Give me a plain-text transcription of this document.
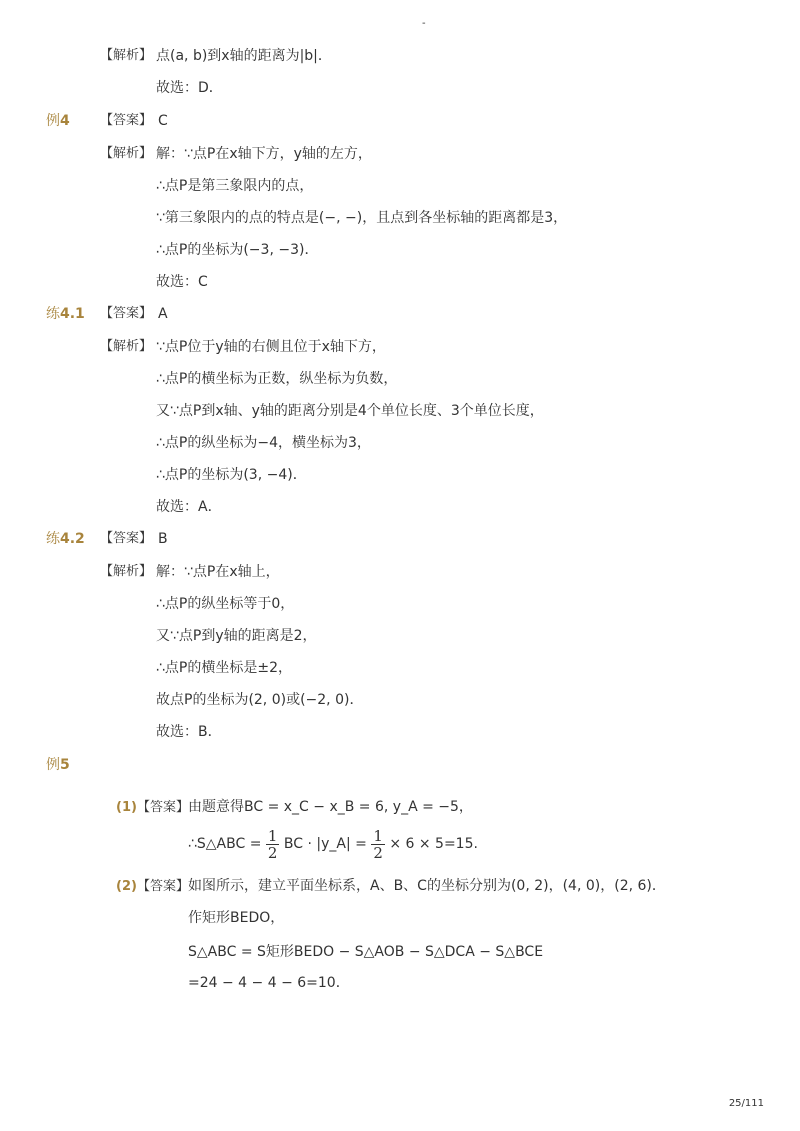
-
【解析】 点(a, b)到x轴的距离为|b|．
故选：D．
例4 【答案】 C
【解析】 解：∵点P在x轴下方，y轴的左方，
∴点P是第三象限内的点，
∵第三象限内的点的特点是(−, −)，且点到各坐标轴的距离都是3，
∴点P的坐标为(−3, −3)．
故选：C
练4.1 【答案】 A
【解析】 ∵点P位于y轴的右侧且位于x轴下方，
∴点P的横坐标为正数，纵坐标为负数，
又∵点P到x轴、y轴的距离分别是4个单位长度、3个单位长度，
∴点P的纵坐标为−4，横坐标为3，
∴点P的坐标为(3, −4)．
故选：A．
练4.2 【答案】 B
【解析】 解：∵点P在x轴上，
∴点P的纵坐标等于0，
又∵点P到y轴的距离是2，
∴点P的横坐标是±2，
故点P的坐标为(2, 0)或(−2, 0)．
故选：B．
例5
(1)【答案】 由题意得BC = x_C − x_B = 6, y_A = −5，
∴S△ABC = $\frac{1}{2}$ BC · |y_A| = $\frac{1}{2} \times 6 \times 5=15$.
(2)【答案】 如图所示，建立平面坐标系，A、B、C的坐标分别为(0, 2)，(4, 0)，(2, 6)．
作矩形BEDO，
S△ABC = S矩形BEDO − S△AOB − S△DCA − S△BCE
=24 − 4 − 4 − 6=10．
25/111
